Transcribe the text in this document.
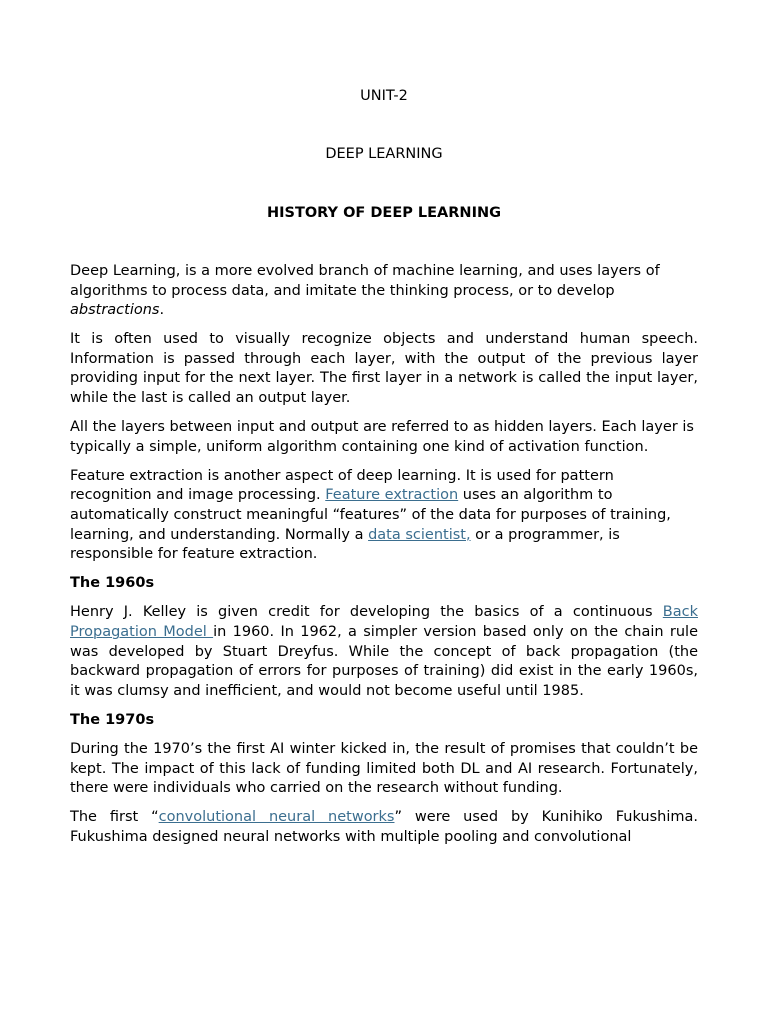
UNIT-2
DEEP LEARNING
HISTORY OF DEEP LEARNING

Deep Learning, is a more evolved branch of machine learning, and uses layers of algorithms to process data, and imitate the thinking process, or to develop abstractions.

It is often used to visually recognize objects and understand human speech. Information is passed through each layer, with the output of the previous layer providing input for the next layer. The first layer in a network is called the input layer, while the last is called an output layer.

All the layers between input and output are referred to as hidden layers. Each layer is typically a simple, uniform algorithm containing one kind of activation function.

Feature extraction is another aspect of deep learning. It is used for pattern recognition and image processing. Feature extraction uses an algorithm to automatically construct meaningful “features” of the data for purposes of training, learning, and understanding. Normally a data scientist, or a programmer, is responsible for feature extraction.

The 1960s

Henry J. Kelley is given credit for developing the basics of a continuous Back Propagation Model in 1960. In 1962, a simpler version based only on the chain rule was developed by Stuart Dreyfus. While the concept of back propagation (the backward propagation of errors for purposes of training) did exist in the early 1960s, it was clumsy and inefficient, and would not become useful until 1985.

The 1970s

During the 1970’s the first AI winter kicked in, the result of promises that couldn’t be kept. The impact of this lack of funding limited both DL and AI research. Fortunately, there were individuals who carried on the research without funding.

The first “convolutional neural networks” were used by Kunihiko Fukushima. Fukushima designed neural networks with multiple pooling and convolutional
